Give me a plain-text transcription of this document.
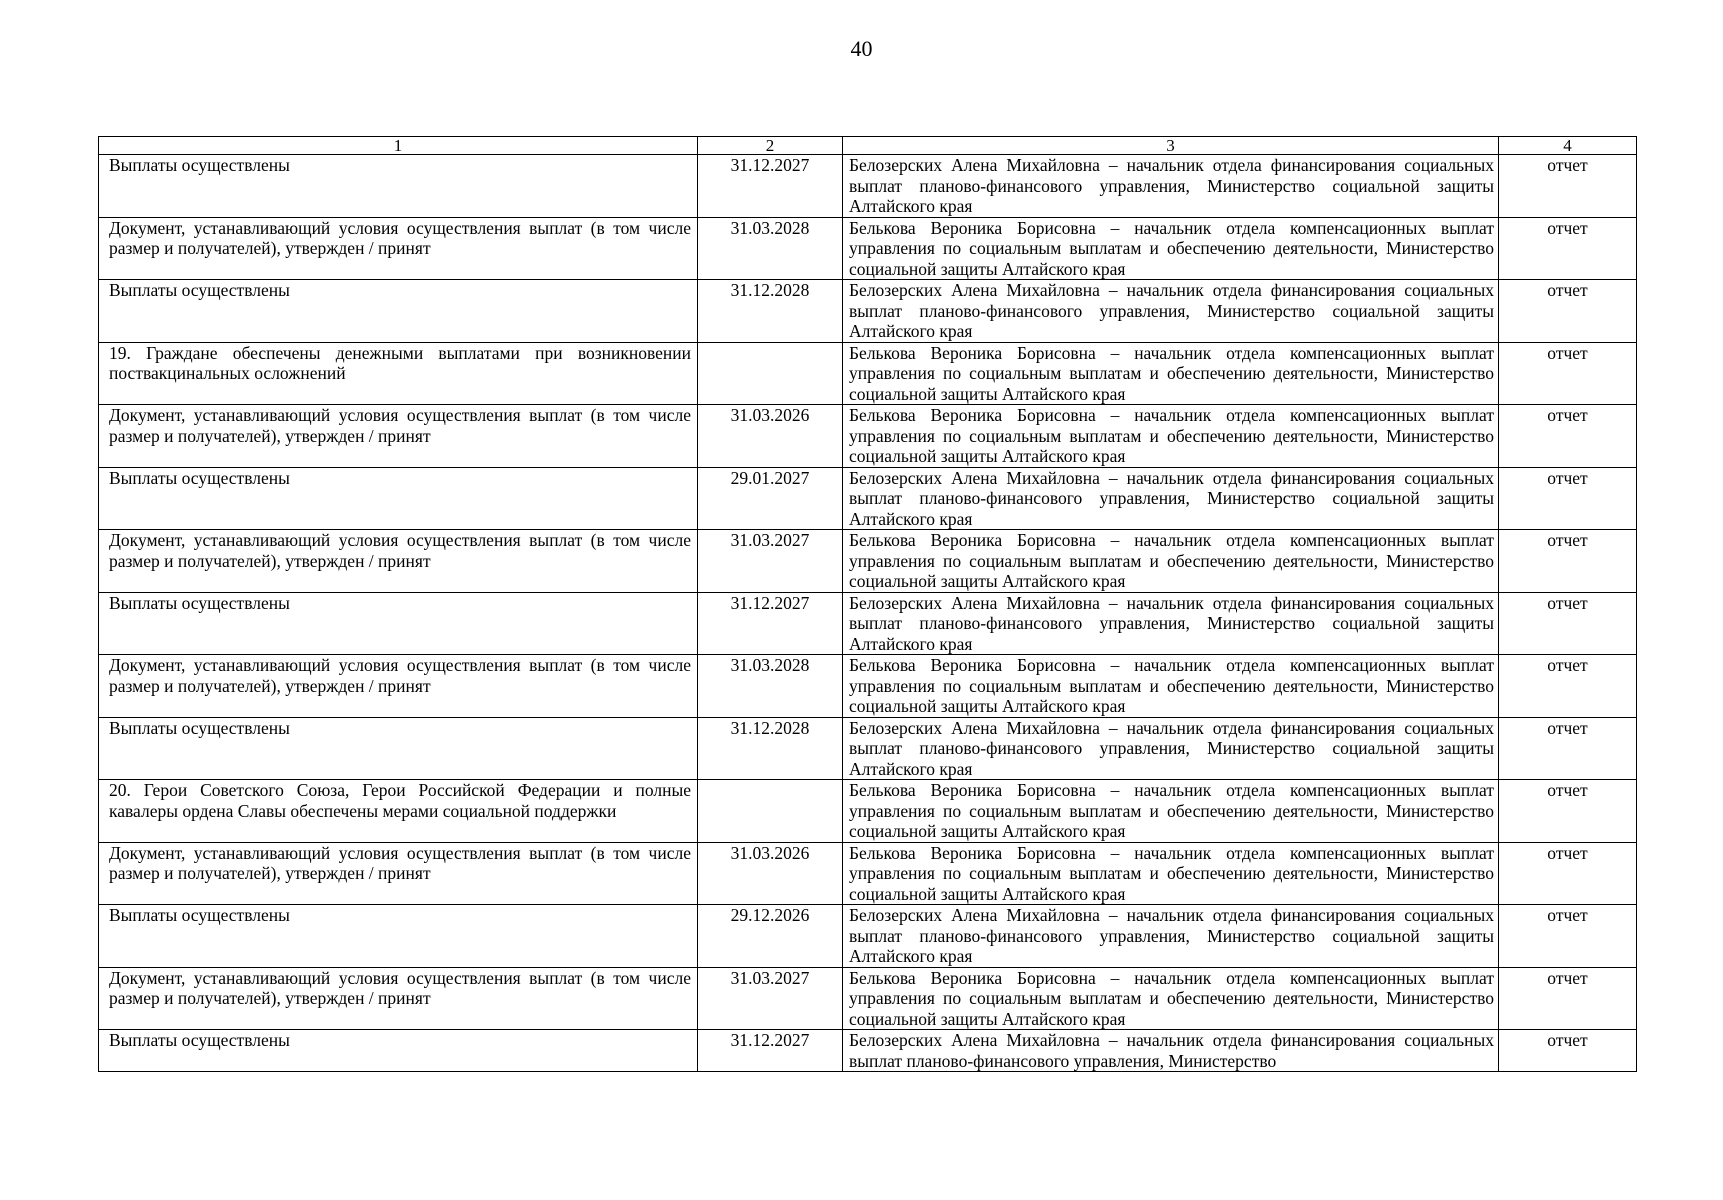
40
1	2	3	4
Выплаты осуществлены	31.12.2027	Белозерских Алена Михайловна – начальник отдела финансирования социальных выплат планово-финансового управления, Министерство социальной защиты Алтайского края	отчет
Документ, устанавливающий условия осуществления выплат (в том числе размер и получателей), утвержден / принят	31.03.2028	Белькова Вероника Борисовна – начальник отдела компенсационных выплат управления по социальным выплатам и обеспечению деятельности, Министерство социальной защиты Алтайского края	отчет
Выплаты осуществлены	31.12.2028	Белозерских Алена Михайловна – начальник отдела финансирования социальных выплат планово-финансового управления, Министерство социальной защиты Алтайского края	отчет
19. Граждане обеспечены денежными выплатами при возникновении поствакцинальных осложнений		Белькова Вероника Борисовна – начальник отдела компенсационных выплат управления по социальным выплатам и обеспечению деятельности, Министерство социальной защиты Алтайского края	отчет
Документ, устанавливающий условия осуществления выплат (в том числе размер и получателей), утвержден / принят	31.03.2026	Белькова Вероника Борисовна – начальник отдела компенсационных выплат управления по социальным выплатам и обеспечению деятельности, Министерство социальной защиты Алтайского края	отчет
Выплаты осуществлены	29.01.2027	Белозерских Алена Михайловна – начальник отдела финансирования социальных выплат планово-финансового управления, Министерство социальной защиты Алтайского края	отчет
Документ, устанавливающий условия осуществления выплат (в том числе размер и получателей), утвержден / принят	31.03.2027	Белькова Вероника Борисовна – начальник отдела компенсационных выплат управления по социальным выплатам и обеспечению деятельности, Министерство социальной защиты Алтайского края	отчет
Выплаты осуществлены	31.12.2027	Белозерских Алена Михайловна – начальник отдела финансирования социальных выплат планово-финансового управления, Министерство социальной защиты Алтайского края	отчет
Документ, устанавливающий условия осуществления выплат (в том числе размер и получателей), утвержден / принят	31.03.2028	Белькова Вероника Борисовна – начальник отдела компенсационных выплат управления по социальным выплатам и обеспечению деятельности, Министерство социальной защиты Алтайского края	отчет
Выплаты осуществлены	31.12.2028	Белозерских Алена Михайловна – начальник отдела финансирования социальных выплат планово-финансового управления, Министерство социальной защиты Алтайского края	отчет
20. Герои Советского Союза, Герои Российской Федерации и полные кавалеры ордена Славы обеспечены мерами социальной поддержки		Белькова Вероника Борисовна – начальник отдела компенсационных выплат управления по социальным выплатам и обеспечению деятельности, Министерство социальной защиты Алтайского края	отчет
Документ, устанавливающий условия осуществления выплат (в том числе размер и получателей), утвержден / принят	31.03.2026	Белькова Вероника Борисовна – начальник отдела компенсационных выплат управления по социальным выплатам и обеспечению деятельности, Министерство социальной защиты Алтайского края	отчет
Выплаты осуществлены	29.12.2026	Белозерских Алена Михайловна – начальник отдела финансирования социальных выплат планово-финансового управления, Министерство социальной защиты Алтайского края	отчет
Документ, устанавливающий условия осуществления выплат (в том числе размер и получателей), утвержден / принят	31.03.2027	Белькова Вероника Борисовна – начальник отдела компенсационных выплат управления по социальным выплатам и обеспечению деятельности, Министерство социальной защиты Алтайского края	отчет
Выплаты осуществлены	31.12.2027	Белозерских Алена Михайловна – начальник отдела финансирования социальных выплат планово-финансового управления, Министерство	отчет
